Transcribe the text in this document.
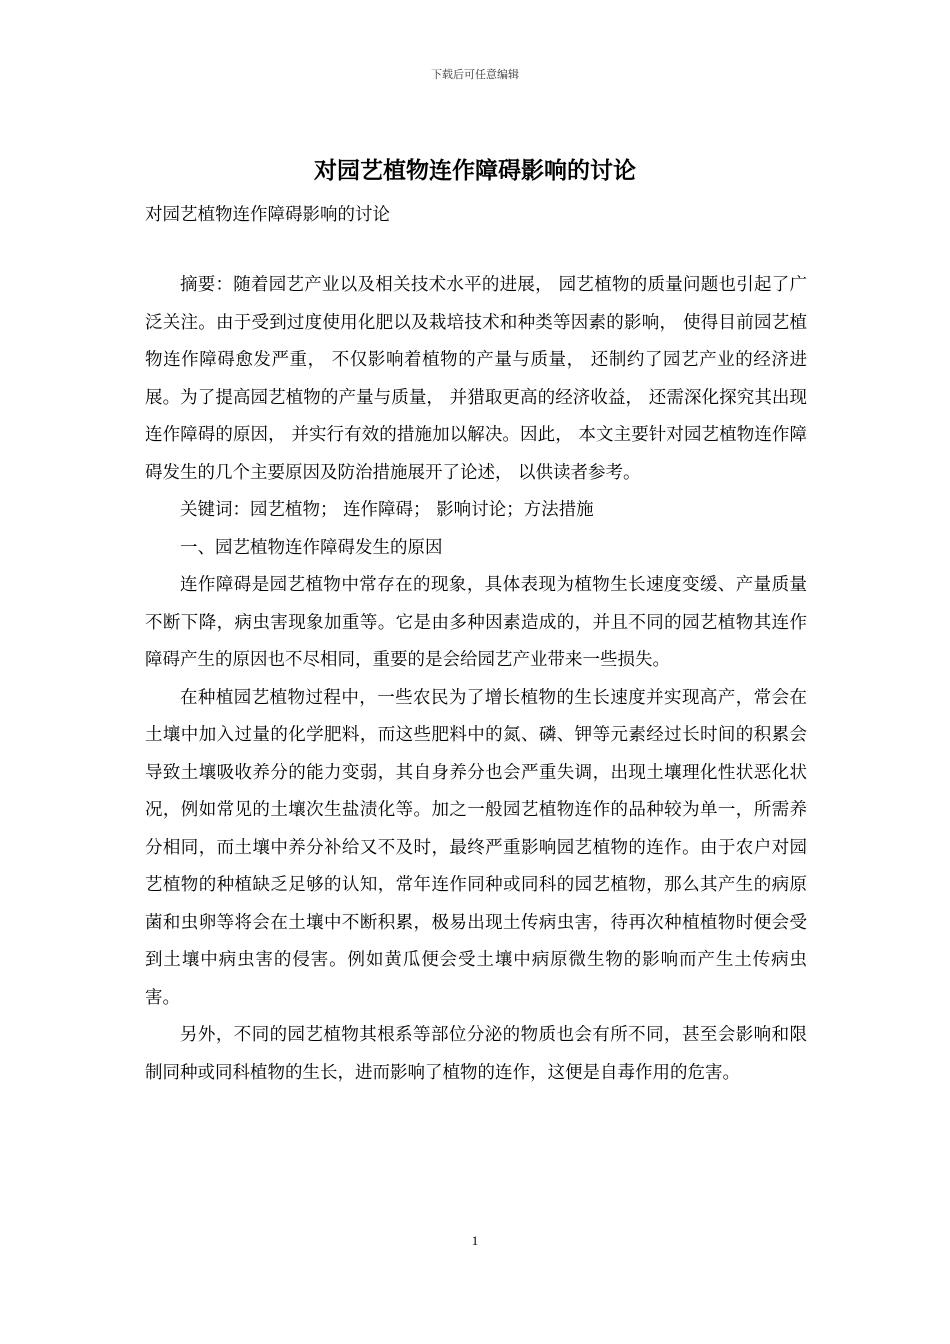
下载后可任意编辑
对园艺植物连作障碍影响的讨论
对园艺植物连作障碍影响的讨论

摘要：随着园艺产业以及相关技术水平的进展， 园艺植物的质量问题也引起了广泛关注。由于受到过度使用化肥以及栽培技术和种类等因素的影响， 使得目前园艺植物连作障碍愈发严重， 不仅影响着植物的产量与质量， 还制约了园艺产业的经济进展。为了提高园艺植物的产量与质量， 并猎取更高的经济收益， 还需深化探究其出现连作障碍的原因， 并实行有效的措施加以解决。因此， 本文主要针对园艺植物连作障碍发生的几个主要原因及防治措施展开了论述， 以供读者参考。

关键词：园艺植物； 连作障碍； 影响讨论；方法措施

一、园艺植物连作障碍发生的原因

连作障碍是园艺植物中常存在的现象，具体表现为植物生长速度变缓、产量质量不断下降，病虫害现象加重等。它是由多种因素造成的，并且不同的园艺植物其连作障碍产生的原因也不尽相同，重要的是会给园艺产业带来一些损失。

在种植园艺植物过程中，一些农民为了增长植物的生长速度并实现高产，常会在土壤中加入过量的化学肥料，而这些肥料中的氮、磷、钾等元素经过长时间的积累会导致土壤吸收养分的能力变弱，其自身养分也会严重失调，出现土壤理化性状恶化状况，例如常见的土壤次生盐渍化等。加之一般园艺植物连作的品种较为单一，所需养分相同，而土壤中养分补给又不及时，最终严重影响园艺植物的连作。由于农户对园艺植物的种植缺乏足够的认知，常年连作同种或同科的园艺植物，那么其产生的病原菌和虫卵等将会在土壤中不断积累，极易出现土传病虫害，待再次种植植物时便会受到土壤中病虫害的侵害。例如黄瓜便会受土壤中病原微生物的影响而产生土传病虫害。

另外，不同的园艺植物其根系等部位分泌的物质也会有所不同，甚至会影响和限制同种或同科植物的生长，进而影响了植物的连作，这便是自毒作用的危害。

1
